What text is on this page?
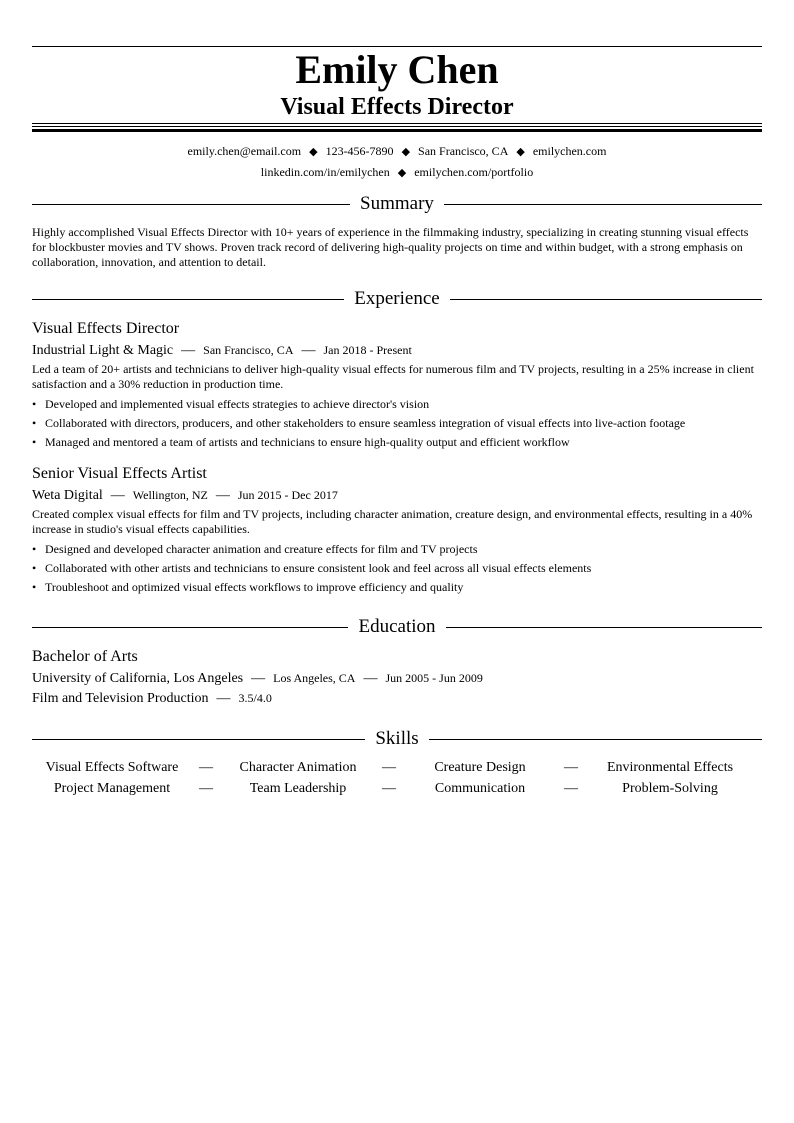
Emily Chen
Visual Effects Director
emily.chen@email.com ◆ 123-456-7890 ◆ San Francisco, CA ◆ emilychen.com
linkedin.com/in/emilychen ◆ emilychen.com/portfolio
Summary
Highly accomplished Visual Effects Director with 10+ years of experience in the filmmaking industry, specializing in creating stunning visual effects for blockbuster movies and TV shows. Proven track record of delivering high-quality projects on time and within budget, with a strong emphasis on collaboration, innovation, and attention to detail.
Experience
Visual Effects Director
Industrial Light & Magic — San Francisco, CA — Jan 2018 - Present
Led a team of 20+ artists and technicians to deliver high-quality visual effects for numerous film and TV projects, resulting in a 25% increase in client satisfaction and a 30% reduction in production time.
• Developed and implemented visual effects strategies to achieve director's vision
• Collaborated with directors, producers, and other stakeholders to ensure seamless integration of visual effects into live-action footage
• Managed and mentored a team of artists and technicians to ensure high-quality output and efficient workflow
Senior Visual Effects Artist
Weta Digital — Wellington, NZ — Jun 2015 - Dec 2017
Created complex visual effects for film and TV projects, including character animation, creature design, and environmental effects, resulting in a 40% increase in studio's visual effects capabilities.
• Designed and developed character animation and creature effects for film and TV projects
• Collaborated with other artists and technicians to ensure consistent look and feel across all visual effects elements
• Troubleshoot and optimized visual effects workflows to improve efficiency and quality
Education
Bachelor of Arts
University of California, Los Angeles — Los Angeles, CA — Jun 2005 - Jun 2009
Film and Television Production — 3.5/4.0
Skills
Visual Effects Software	—	Character Animation	—	Creature Design	—	Environmental Effects
Project Management	—	Team Leadership	—	Communication	—	Problem-Solving
